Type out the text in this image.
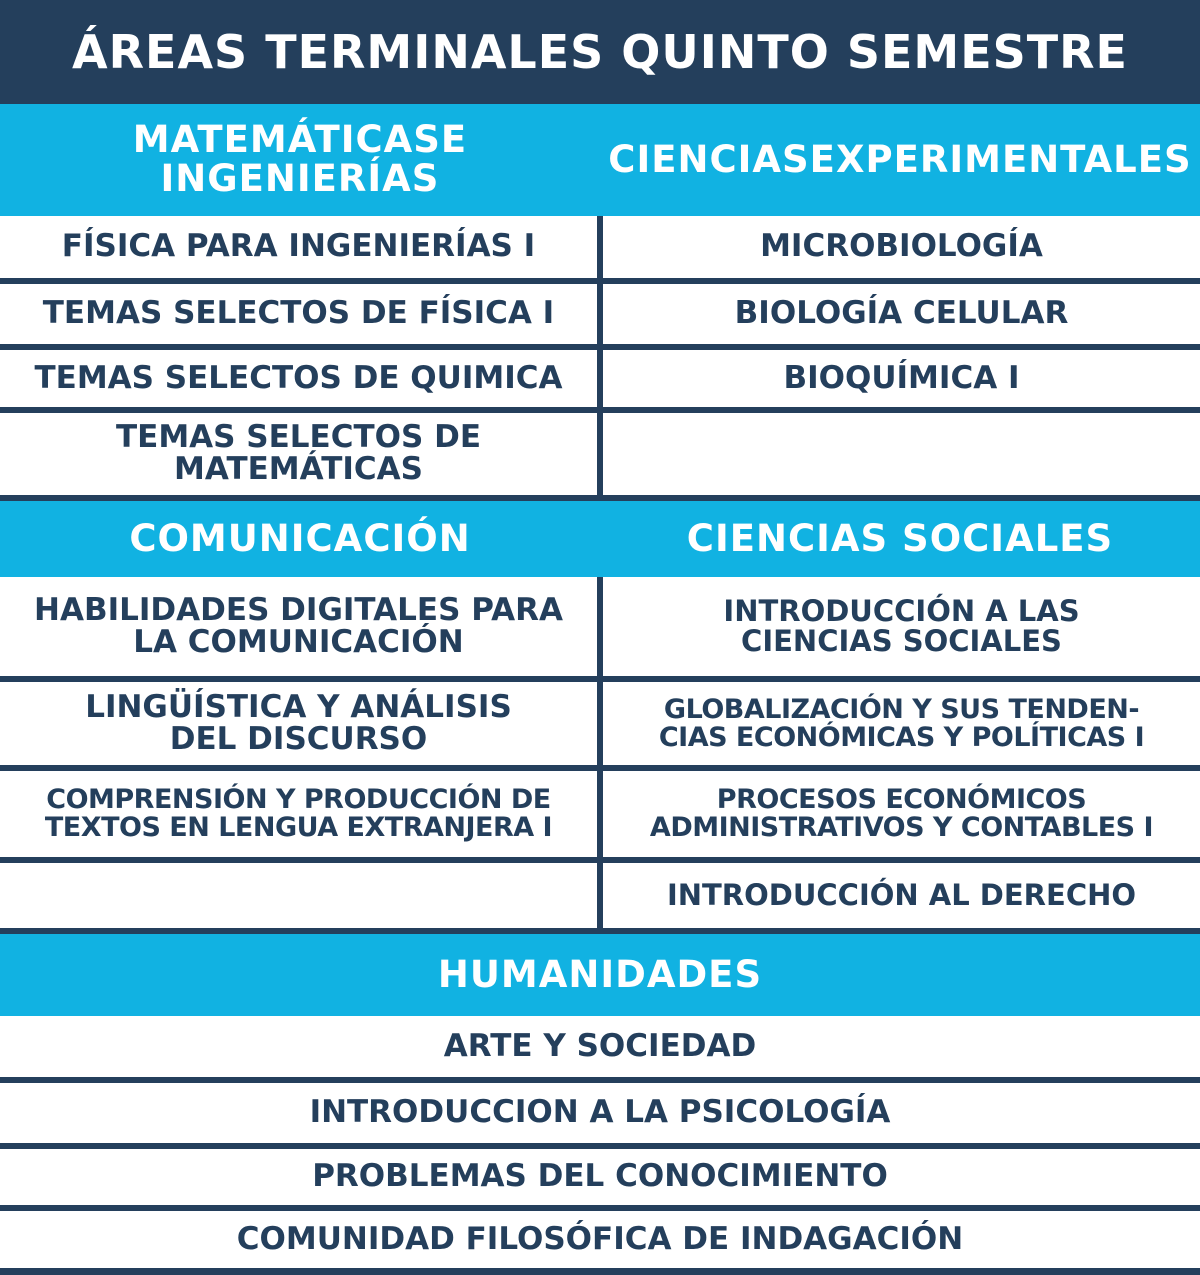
ÁREAS TERMINALES QUINTO SEMESTRE
MATEMÁTICASE INGENIERÍAS	CIENCIASEXPERIMENTALES
FÍSICA PARA INGENIERÍAS I
TEMAS SELECTOS DE FÍSICA I
TEMAS SELECTOS DE QUIMICA
TEMAS SELECTOS DE
MATEMÁTICAS
MICROBIOLOGÍA
BIOLOGÍA CELULAR
BIOQUÍMICA I
COMUNICACIÓN	CIENCIAS SOCIALES
HABILIDADES DIGITALES PARA
LA COMUNICACIÓN
LINGÜÍSTICA Y ANÁLISIS
DEL DISCURSO
COMPRENSIÓN Y PRODUCCIÓN DE
TEXTOS EN LENGUA EXTRANJERA I
INTRODUCCIÓN A LAS
CIENCIAS SOCIALES
GLOBALIZACIÓN Y SUS TENDEN-
CIAS ECONÓMICAS Y POLÍTICAS I
PROCESOS ECONÓMICOS
ADMINISTRATIVOS Y CONTABLES I
INTRODUCCIÓN AL DERECHO
HUMANIDADES
ARTE Y SOCIEDAD
INTRODUCCION A LA PSICOLOGÍA
PROBLEMAS DEL CONOCIMIENTO
COMUNIDAD FILOSÓFICA DE INDAGACIÓN
